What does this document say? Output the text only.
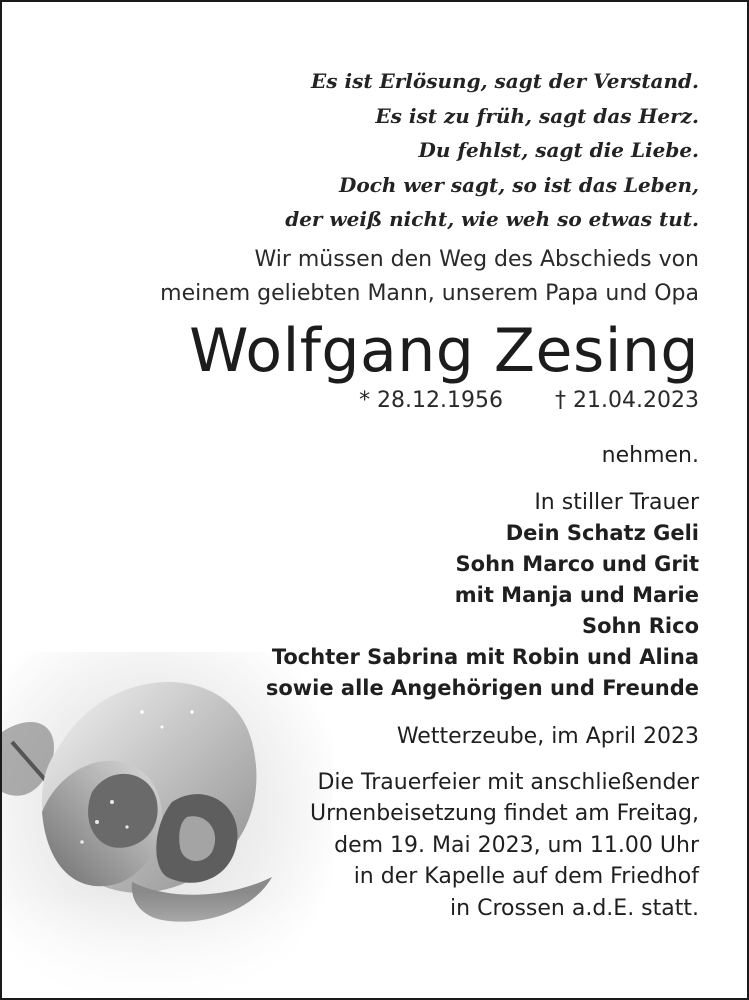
Es ist Erlösung, sagt der Verstand.
Es ist zu früh, sagt das Herz.
Du fehlst, sagt die Liebe.
Doch wer sagt, so ist das Leben,
der weiß nicht, wie weh so etwas tut.
Wir müssen den Weg des Abschieds von
meinem geliebten Mann, unserem Papa und Opa
Wolfgang Zesing
* 28.12.1956 † 21.04.2023
nehmen.
In stiller Trauer
Dein Schatz Geli
Sohn Marco und Grit
mit Manja und Marie
Sohn Rico
Tochter Sabrina mit Robin und Alina
sowie alle Angehörigen und Freunde
Wetterzeube, im April 2023
Die Trauerfeier mit anschließender
Urnenbeisetzung findet am Freitag,
dem 19. Mai 2023, um 11.00 Uhr
in der Kapelle auf dem Friedhof
in Crossen a.d.E. statt.
